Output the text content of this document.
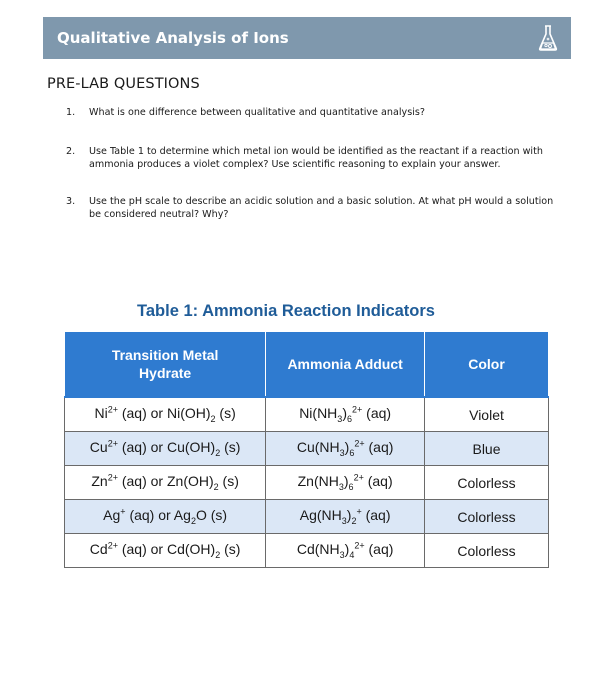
Qualitative Analysis of Ions
PRE-LAB QUESTIONS
1.	What is one difference between qualitative and quantitative analysis?
2.	Use Table 1 to determine which metal ion would be identified as the reactant if a reaction with ammonia produces a violet complex? Use scientific reasoning to explain your answer.
3.	Use the pH scale to describe an acidic solution and a basic solution. At what pH would a solution be considered neutral? Why?
Table 1: Ammonia Reaction Indicators
Transition Metal Hydrate	Ammonia Adduct	Color
$Ni^{2+}$ (aq) or $Ni(OH)_2$ (s)	$Ni(NH_3)_6^{2+}$ (aq)	Violet
$Cu^{2+}$ (aq) or $Cu(OH)_2$ (s)	$Cu(NH_3)_6^{2+}$ (aq)	Blue
$Zn^{2+}$ (aq) or $Zn(OH)_2$ (s)	$Zn(NH_3)_6^{2+}$ (aq)	Colorless
Ag+ (aq) or $Ag_2O$ (s)	$Ag(NH_3)_2^+$ (aq)	Colorless
$Cd^{2+}$ (aq) or $Cd(OH)_2$ (s)	$Cd(NH_3)_4^{2+}$ (aq)	Colorless
